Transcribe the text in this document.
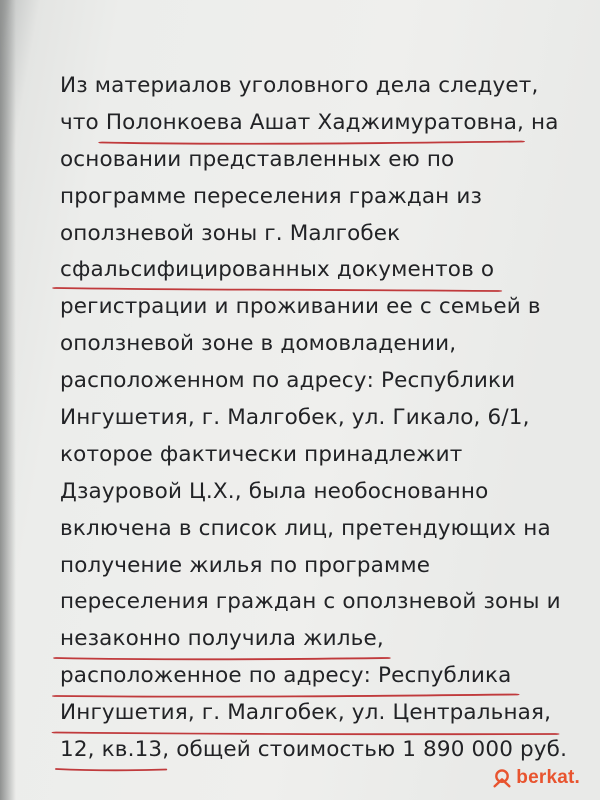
Из материалов уголовного дела следует,
что Полонкоева Ашат Хаджимуратовна
, на
основании представленных ею по
программе переселения граждан из
оползневой зоны г. Малгобек
сфальсифицированных документов о
регистрации и проживании ее с семьей в
оползневой зоне в домовладении,
расположенном по адресу: Республики
Ингушетия, г. Малгобек, ул. Гикало, 6/1,
которое фактически принадлежит
Дзауровой Ц.Х., была необоснованно
включена в список лиц, претендующих на
получение жилья по программе
переселения граждан с оползневой зоны и
незаконно получила жилье,
расположенное по адресу: Республика
Ингушетия, г. Малгобек, ул. Центральная,
12, кв.13
, общей стоимостью 1 890 000 руб.
berkat.
